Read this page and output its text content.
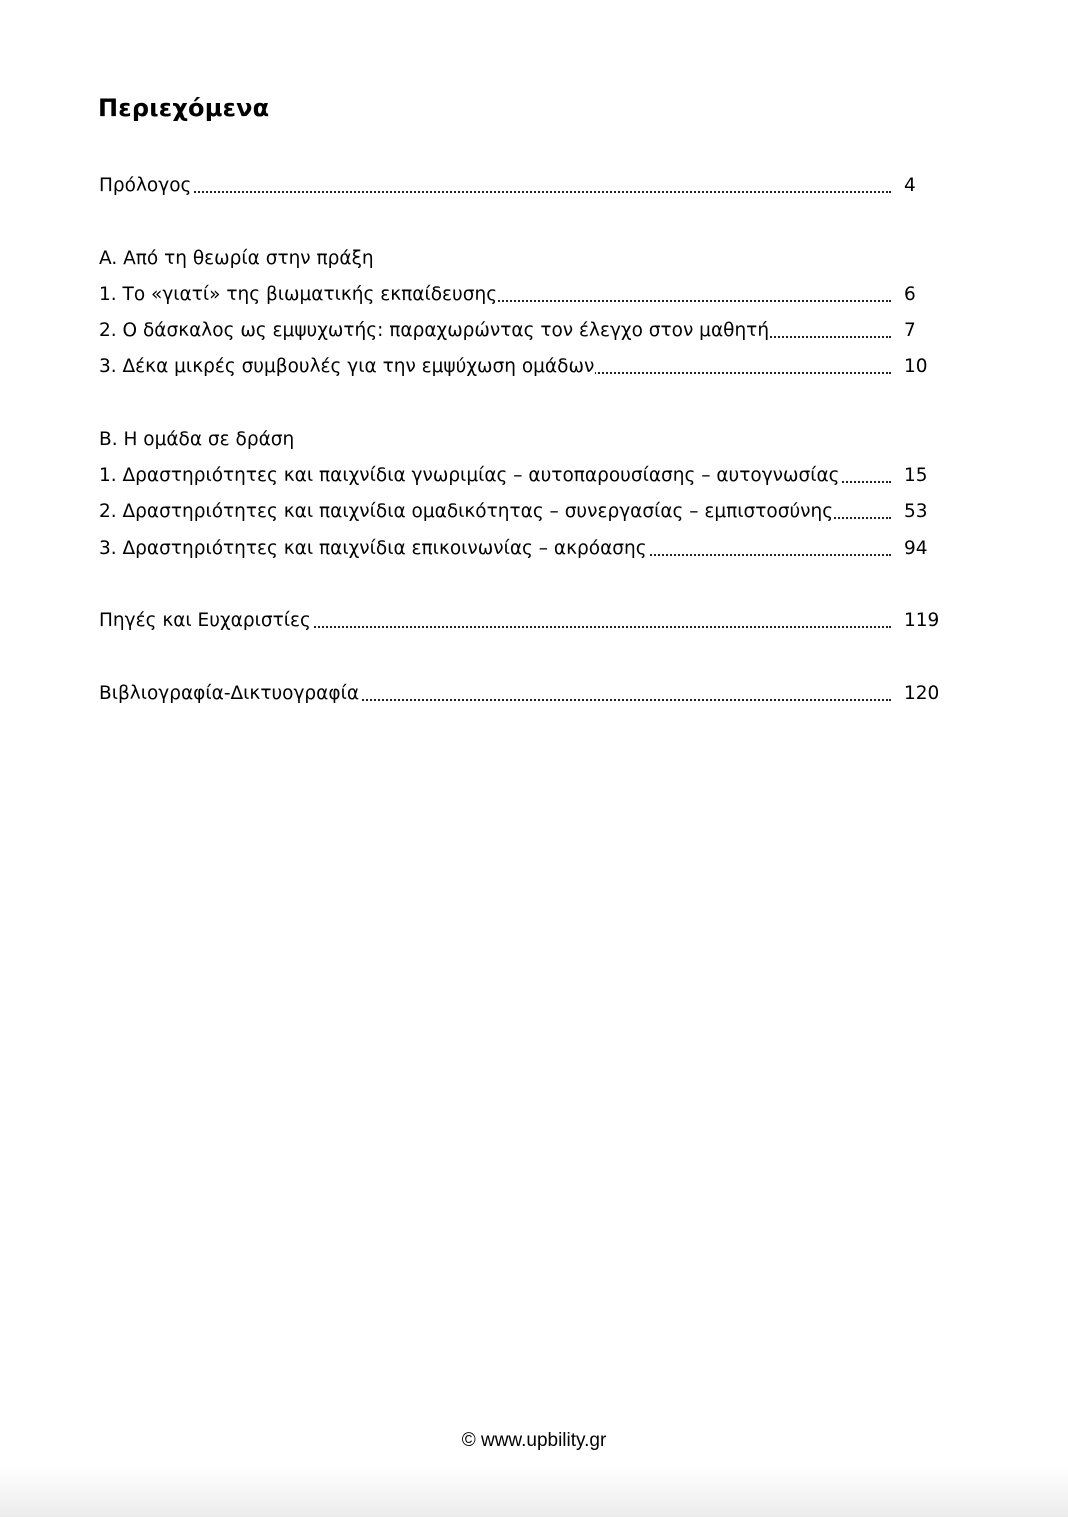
Περιεχόμενα
Πρόλογος	4
A. Από τη θεωρία στην πράξη
1. Το «γιατί» της βιωματικής εκπαίδευσης	6
2. Ο δάσκαλος ως εμψυχωτής: παραχωρώντας τον έλεγχο στον μαθητή	7
3. Δέκα μικρές συμβουλές για την εμψύχωση ομάδων	10
B. Η ομάδα σε δράση
1. Δραστηριότητες και παιχνίδια γνωριμίας – αυτοπαρουσίασης – αυτογνωσίας	15
2. Δραστηριότητες και παιχνίδια ομαδικότητας – συνεργασίας – εμπιστοσύνης	53
3. Δραστηριότητες και παιχνίδια επικοινωνίας – ακρόασης	94
Πηγές και Ευχαριστίες	119
Βιβλιογραφία-Δικτυογραφία	120
© www.upbility.gr
